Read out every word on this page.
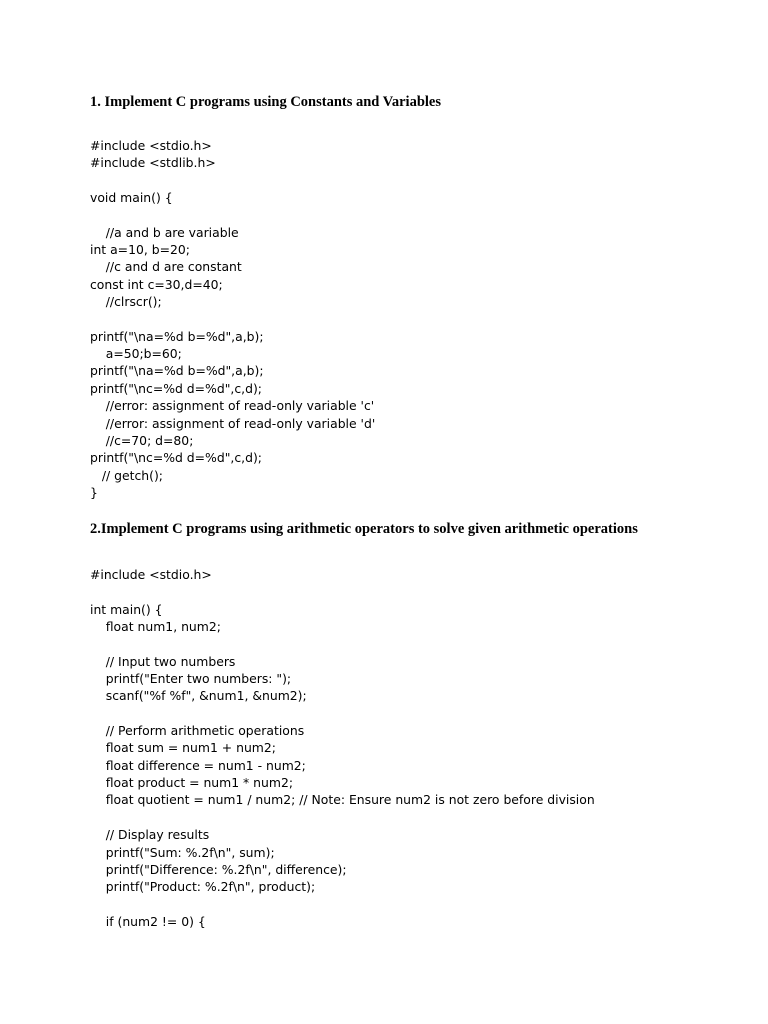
1. Implement C programs using Constants and Variables
#include <stdio.h>
#include <stdlib.h>
void main() {
//a and b are variable
int a=10, b=20;
//c and d are constant
const int c=30,d=40;
//clrscr();
printf("\na=%d b=%d",a,b);
a=50;b=60;
printf("\na=%d b=%d",a,b);
printf("\nc=%d d=%d",c,d);
//error: assignment of read-only variable 'c'
//error: assignment of read-only variable 'd'
//c=70; d=80;
printf("\nc=%d d=%d",c,d);
// getch();
}
2.Implement C programs using arithmetic operators to solve given arithmetic operations
#include <stdio.h>
int main() {
float num1, num2;
// Input two numbers
printf("Enter two numbers: ");
scanf("%f %f", &num1, &num2);
// Perform arithmetic operations
float sum = num1 + num2;
float difference = num1 - num2;
float product = num1 * num2;
float quotient = num1 / num2; // Note: Ensure num2 is not zero before division
// Display results
printf("Sum: %.2f\n", sum);
printf("Difference: %.2f\n", difference);
printf("Product: %.2f\n", product);
if (num2 != 0) {
